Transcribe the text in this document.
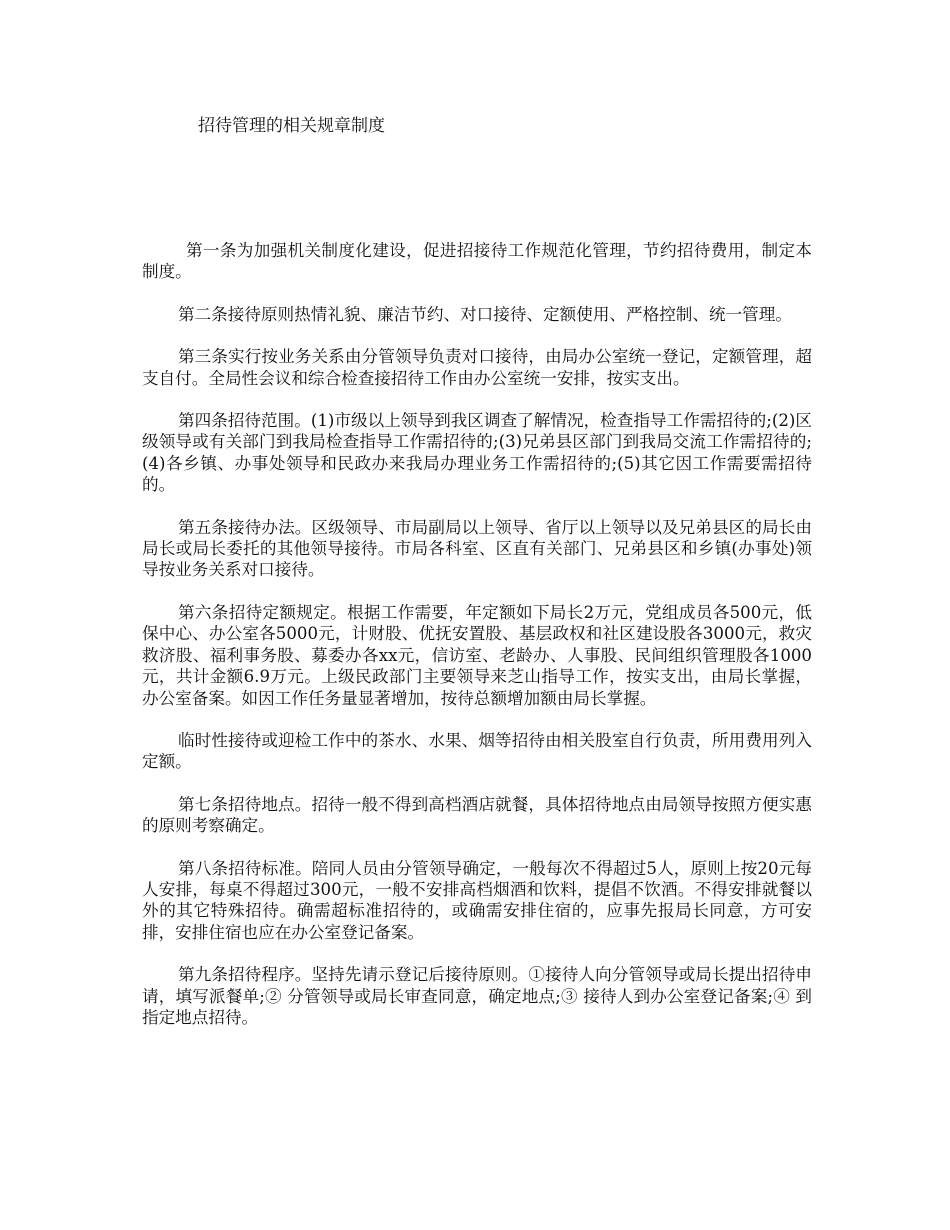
招待管理的相关规章制度

第一条为加强机关制度化建设，促进招接待工作规范化管理，节约招待费用，制定本制度。

第二条接待原则热情礼貌、廉洁节约、对口接待、定额使用、严格控制、统一管理。

第三条实行按业务关系由分管领导负责对口接待，由局办公室统一登记，定额管理，超支自付。全局性会议和综合检查接招待工作由办公室统一安排，按实支出。

第四条招待范围。(1)市级以上领导到我区调查了解情况，检查指导工作需招待的;(2)区级领导或有关部门到我局检查指导工作需招待的;(3)兄弟县区部门到我局交流工作需招待的;(4)各乡镇、办事处领导和民政办来我局办理业务工作需招待的;(5)其它因工作需要需招待的。

第五条接待办法。区级领导、市局副局以上领导、省厅以上领导以及兄弟县区的局长由局长或局长委托的其他领导接待。市局各科室、区直有关部门、兄弟县区和乡镇(办事处)领导按业务关系对口接待。

第六条招待定额规定。根据工作需要，年定额如下局长2万元，党组成员各500元，低保中心、办公室各5000元，计财股、优抚安置股、基层政权和社区建设股各3000元，救灾救济股、福利事务股、募委办各xx元，信访室、老龄办、人事股、民间组织管理股各1000元，共计金额6.9万元。上级民政部门主要领导来芝山指导工作，按实支出，由局长掌握，办公室备案。如因工作任务量显著增加，按待总额增加额由局长掌握。

临时性接待或迎检工作中的茶水、水果、烟等招待由相关股室自行负责，所用费用列入定额。

第七条招待地点。招待一般不得到高档酒店就餐，具体招待地点由局领导按照方便实惠的原则考察确定。

第八条招待标准。陪同人员由分管领导确定，一般每次不得超过5人，原则上按20元每人安排，每桌不得超过300元，一般不安排高档烟酒和饮料，提倡不饮酒。不得安排就餐以外的其它特殊招待。确需超标准招待的，或确需安排住宿的，应事先报局长同意，方可安排，安排住宿也应在办公室登记备案。

第九条招待程序。坚持先请示登记后接待原则。①接待人向分管领导或局长提出招待申请，填写派餐单;② 分管领导或局长审查同意，确定地点;③ 接待人到办公室登记备案;④ 到指定地点招待。
